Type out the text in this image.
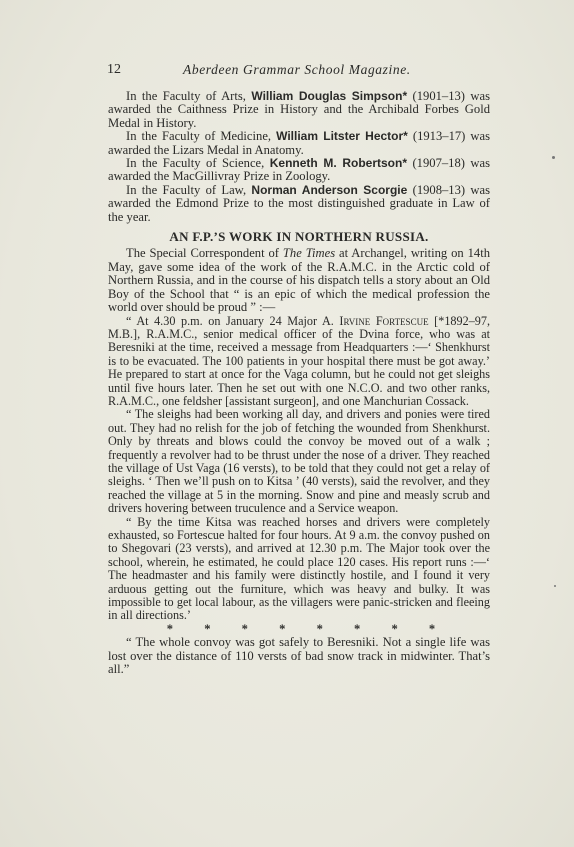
12	Aberdeen Grammar School Magazine.

In the Faculty of Arts, William Douglas Simpson* (1901–13) was awarded the Caithness Prize in History and the Archibald Forbes Gold Medal in History.

In the Faculty of Medicine, William Litster Hector* (1913–17) was awarded the Lizars Medal in Anatomy.

In the Faculty of Science, Kenneth M. Robertson* (1907–18) was awarded the MacGillivray Prize in Zoology.

In the Faculty of Law, Norman Anderson Scorgie (1908–13) was awarded the Edmond Prize to the most distinguished graduate in Law of the year.

AN F.P.’S WORK IN NORTHERN RUSSIA.

The Special Correspondent of The Times at Archangel, writing on 14th May, gave some idea of the work of the R.A.M.C. in the Arctic cold of Northern Russia, and in the course of his dispatch tells a story about an Old Boy of the School that “ is an epic of which the medical profession the world over should be proud ” :—

“ At 4.30 p.m. on January 24 Major A. Irvine Fortescue [*1892–97, M.B.], R.A.M.C., senior medical officer of the Dvina force, who was at Beresniki at the time, received a message from Headquarters :—‘ Shenkhurst is to be evacuated. The 100 patients in your hospital there must be got away.’ He prepared to start at once for the Vaga column, but he could not get sleighs until five hours later. Then he set out with one N.C.O. and two other ranks, R.A.M.C., one feldsher [assistant surgeon], and one Manchurian Cossack.

“ The sleighs had been working all day, and drivers and ponies were tired out. They had no relish for the job of fetching the wounded from Shenkhurst. Only by threats and blows could the convoy be moved out of a walk ; frequently a revolver had to be thrust under the nose of a driver. They reached the village of Ust Vaga (16 versts), to be told that they could not get a relay of sleighs. ‘ Then we’ll push on to Kitsa ’ (40 versts), said the revolver, and they reached the village at 5 in the morning. Snow and pine and measly scrub and drivers hovering between truculence and a Service weapon.

“ By the time Kitsa was reached horses and drivers were completely exhausted, so Fortescue halted for four hours. At 9 a.m. the convoy pushed on to Shegovari (23 versts), and arrived at 12.30 p.m. The Major took over the school, wherein, he estimated, he could place 120 cases. His report runs :—‘ The headmaster and his family were distinctly hostile, and I found it very arduous getting out the furniture, which was heavy and bulky. It was impossible to get local labour, as the villagers were panic-stricken and fleeing in all directions.’

* * * * * * * *

“ The whole convoy was got safely to Beresniki. Not a single life was lost over the distance of 110 versts of bad snow track in midwinter. That’s all.”
